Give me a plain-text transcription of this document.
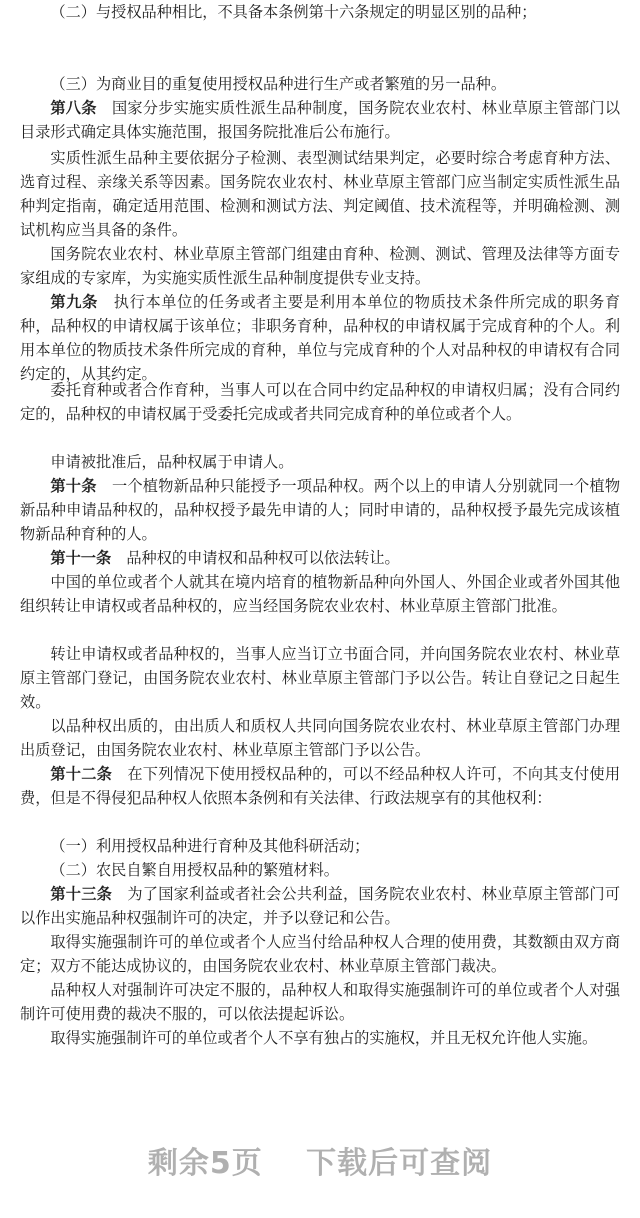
（二）与授权品种相比，不具备本条例第十六条规定的明显区别的品种；

（三）为商业目的重复使用授权品种进行生产或者繁殖的另一品种。

第八条　 国家分步实施实质性派生品种制度，国务院农业农村、林业草原主管部门以目录形式确定具体实施范围，报国务院批准后公布施行。

实质性派生品种主要依据分子检测、表型测试结果判定，必要时综合考虑育种方法、选育过程、亲缘关系等因素。国务院农业农村、林业草原主管部门应当制定实质性派生品种判定指南，确定适用范围、检测和测试方法、判定阈值、技术流程等，并明确检测、测试机构应当具备的条件。

国务院农业农村、林业草原主管部门组建由育种、检测、测试、管理及法律等方面专家组成的专家库，为实施实质性派生品种制度提供专业支持。

第九条　 执行本单位的任务或者主要是利用本单位的物质技术条件所完成的职务育种，品种权的申请权属于该单位；非职务育种，品种权的申请权属于完成育种的个人。利用本单位的物质技术条件所完成的育种，单位与完成育种的个人对品种权的申请权有合同约定的，从其约定。

委托育种或者合作育种，当事人可以在合同中约定品种权的申请权归属；没有合同约定的，品种权的申请权属于受委托完成或者共同完成育种的单位或者个人。

申请被批准后，品种权属于申请人。

第十条　 一个植物新品种只能授予一项品种权。两个以上的申请人分别就同一个植物新品种申请品种权的，品种权授予最先申请的人；同时申请的，品种权授予最先完成该植物新品种育种的人。

第十一条　 品种权的申请权和品种权可以依法转让。

中国的单位或者个人就其在境内培育的植物新品种向外国人、外国企业或者外国其他组织转让申请权或者品种权的，应当经国务院农业农村、林业草原主管部门批准。

转让申请权或者品种权的，当事人应当订立书面合同，并向国务院农业农村、林业草原主管部门登记，由国务院农业农村、林业草原主管部门予以公告。转让自登记之日起生效。

以品种权出质的，由出质人和质权人共同向国务院农业农村、林业草原主管部门办理出质登记，由国务院农业农村、林业草原主管部门予以公告。

第十二条　 在下列情况下使用授权品种的，可以不经品种权人许可，不向其支付使用费，但是不得侵犯品种权人依照本条例和有关法律、行政法规享有的其他权利：

（一）利用授权品种进行育种及其他科研活动；

（二）农民自繁自用授权品种的繁殖材料。

第十三条　 为了国家利益或者社会公共利益，国务院农业农村、林业草原主管部门可以作出实施品种权强制许可的决定，并予以登记和公告。

取得实施强制许可的单位或者个人应当付给品种权人合理的使用费，其数额由双方商定；双方不能达成协议的，由国务院农业农村、林业草原主管部门裁决。

品种权人对强制许可决定不服的，品种权人和取得实施强制许可的单位或者个人对强制许可使用费的裁决不服的，可以依法提起诉讼。

取得实施强制许可的单位或者个人不享有独占的实施权，并且无权允许他人实施。

剩余5页 下载后可查阅
